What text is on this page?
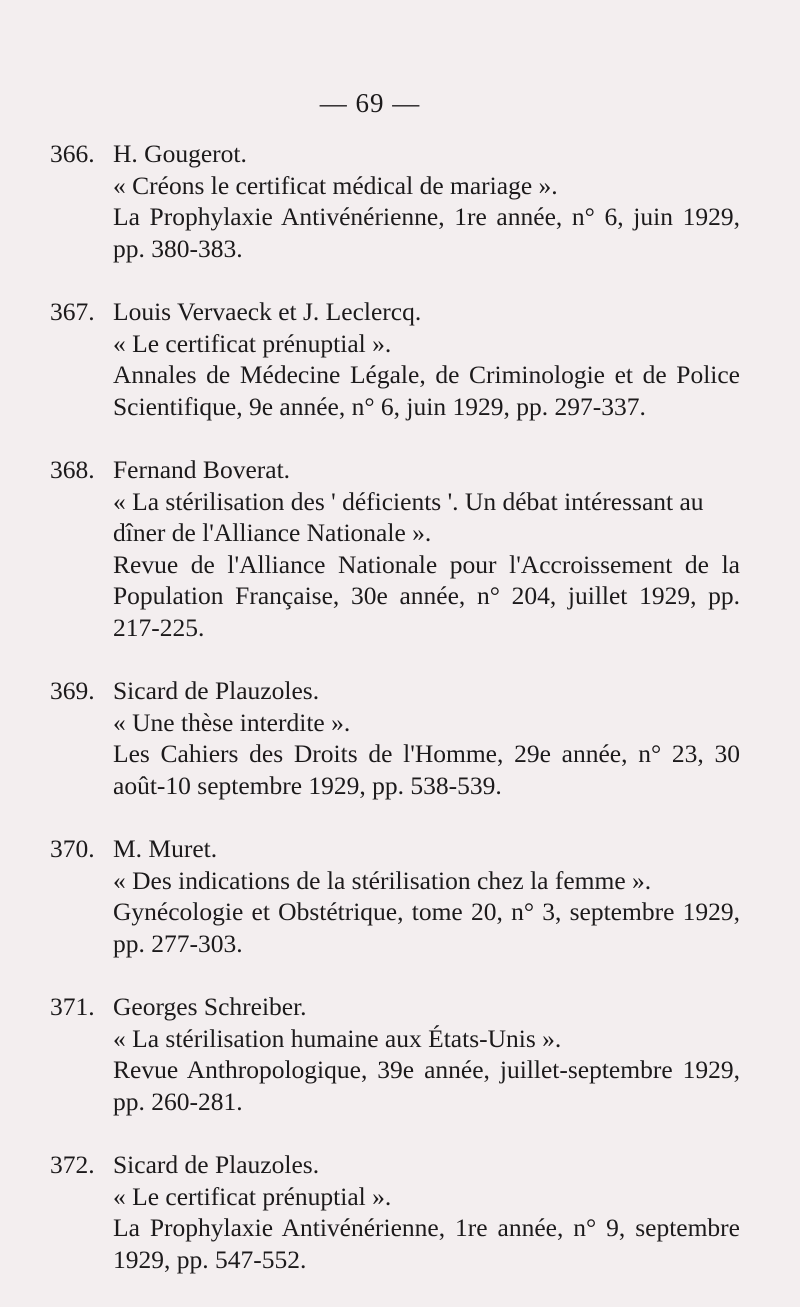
— 69 —
366. H. Gougerot.
« Créons le certificat médical de mariage ».
La Prophylaxie Antivénérienne, 1re année, n° 6, juin 1929, pp. 380-383.
367. Louis Vervaeck et J. Leclercq.
« Le certificat prénuptial ».
Annales de Médecine Légale, de Criminologie et de Police Scientifique, 9e année, n° 6, juin 1929, pp. 297-337.
368. Fernand Boverat.
« La stérilisation des ' déficients '. Un débat intéressant au dîner de l'Alliance Nationale ».
Revue de l'Alliance Nationale pour l'Accroissement de la Population Française, 30e année, n° 204, juillet 1929, pp. 217-225.
369. Sicard de Plauzoles.
« Une thèse interdite ».
Les Cahiers des Droits de l'Homme, 29e année, n° 23, 30 août-10 septembre 1929, pp. 538-539.
370. M. Muret.
« Des indications de la stérilisation chez la femme ».
Gynécologie et Obstétrique, tome 20, n° 3, septembre 1929, pp. 277-303.
371. Georges Schreiber.
« La stérilisation humaine aux États-Unis ».
Revue Anthropologique, 39e année, juillet-septembre 1929, pp. 260-281.
372. Sicard de Plauzoles.
« Le certificat prénuptial ».
La Prophylaxie Antivénérienne, 1re année, n° 9, septembre 1929, pp. 547-552.
